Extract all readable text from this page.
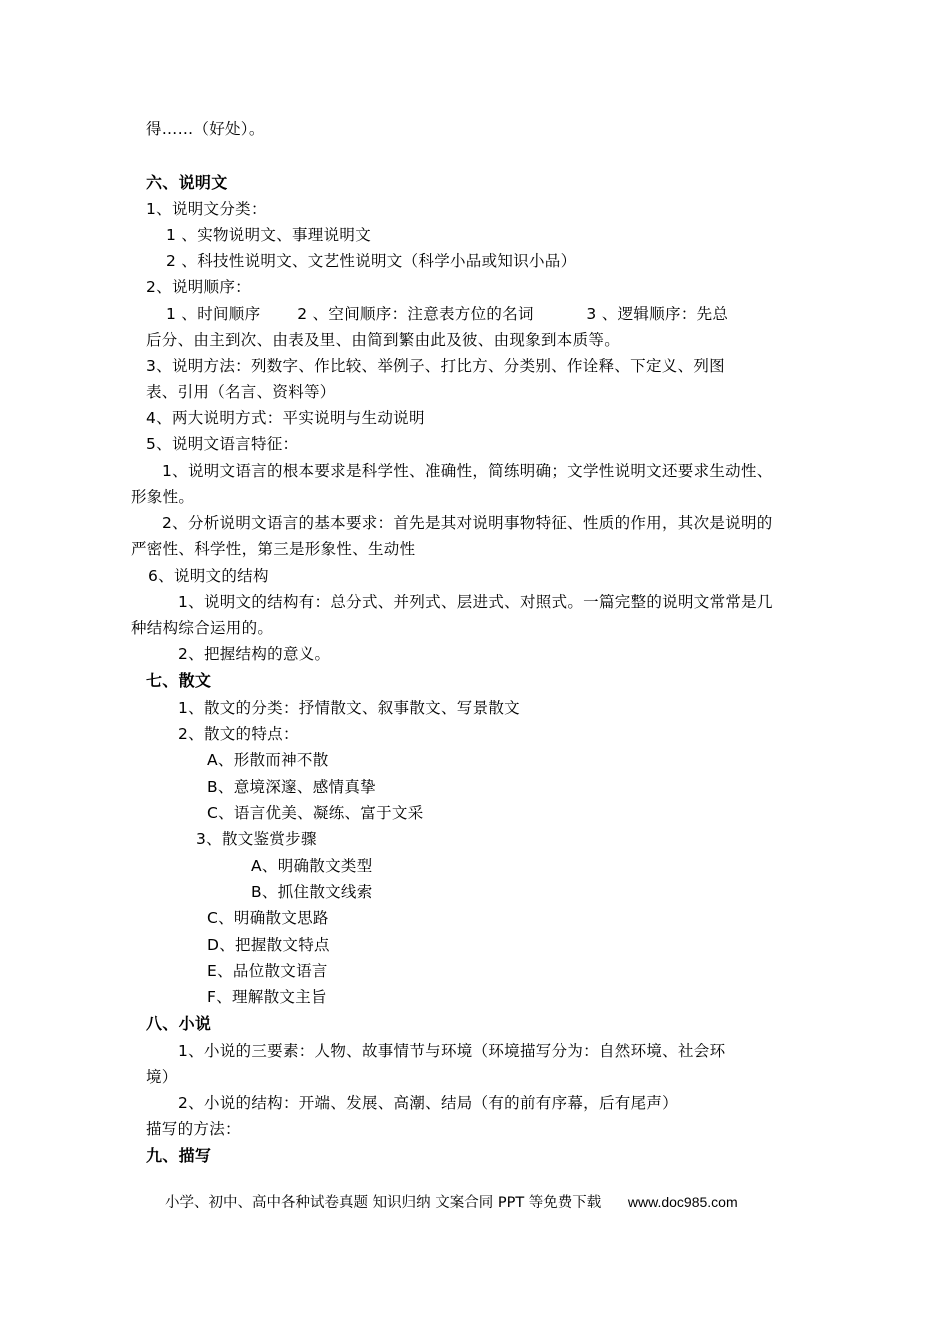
得……（好处）。
六、说明文
1、说明文分类：
1 、实物说明文、事理说明文
2 、科技性说明文、文艺性说明文（科学小品或知识小品）
2、说明顺序：
1 、时间顺序　　 2 、空间顺序：注意表方位的名词　　　 3 、逻辑顺序：先总
后分、由主到次、由表及里、由简到繁由此及彼、由现象到本质等。
3、说明方法：列数字、作比较、举例子、打比方、分类别、作诠释、下定义、列图
表、引用（名言、资料等）
4、两大说明方式：平实说明与生动说明
5、说明文语言特征：
1、说明文语言的根本要求是科学性、准确性，简练明确；文学性说明文还要求生动性、
形象性。
2、分析说明文语言的基本要求：首先是其对说明事物特征、性质的作用，其次是说明的
严密性、科学性，第三是形象性、生动性
6、说明文的结构
1、说明文的结构有：总分式、并列式、层进式、对照式。一篇完整的说明文常常是几
种结构综合运用的。
2、把握结构的意义。
七、散文
1、散文的分类：抒情散文、叙事散文、写景散文
2、散文的特点：
A、形散而神不散
B、意境深邃、感情真挚
C、语言优美、凝练、富于文采
3、散文鉴赏步骤
A、明确散文类型
B、抓住散文线索
C、明确散文思路
D、把握散文特点
E、品位散文语言
F、理解散文主旨
八、小说
1、小说的三要素：人物、故事情节与环境（环境描写分为：自然环境、社会环
境）
2、小说的结构：开端、发展、高潮、结局（有的前有序幕，后有尾声）
描写的方法：
九、描写
小学、初中、高中各种试卷真题 知识归纳 文案合同 PPT 等免费下载 www.doc985.com
